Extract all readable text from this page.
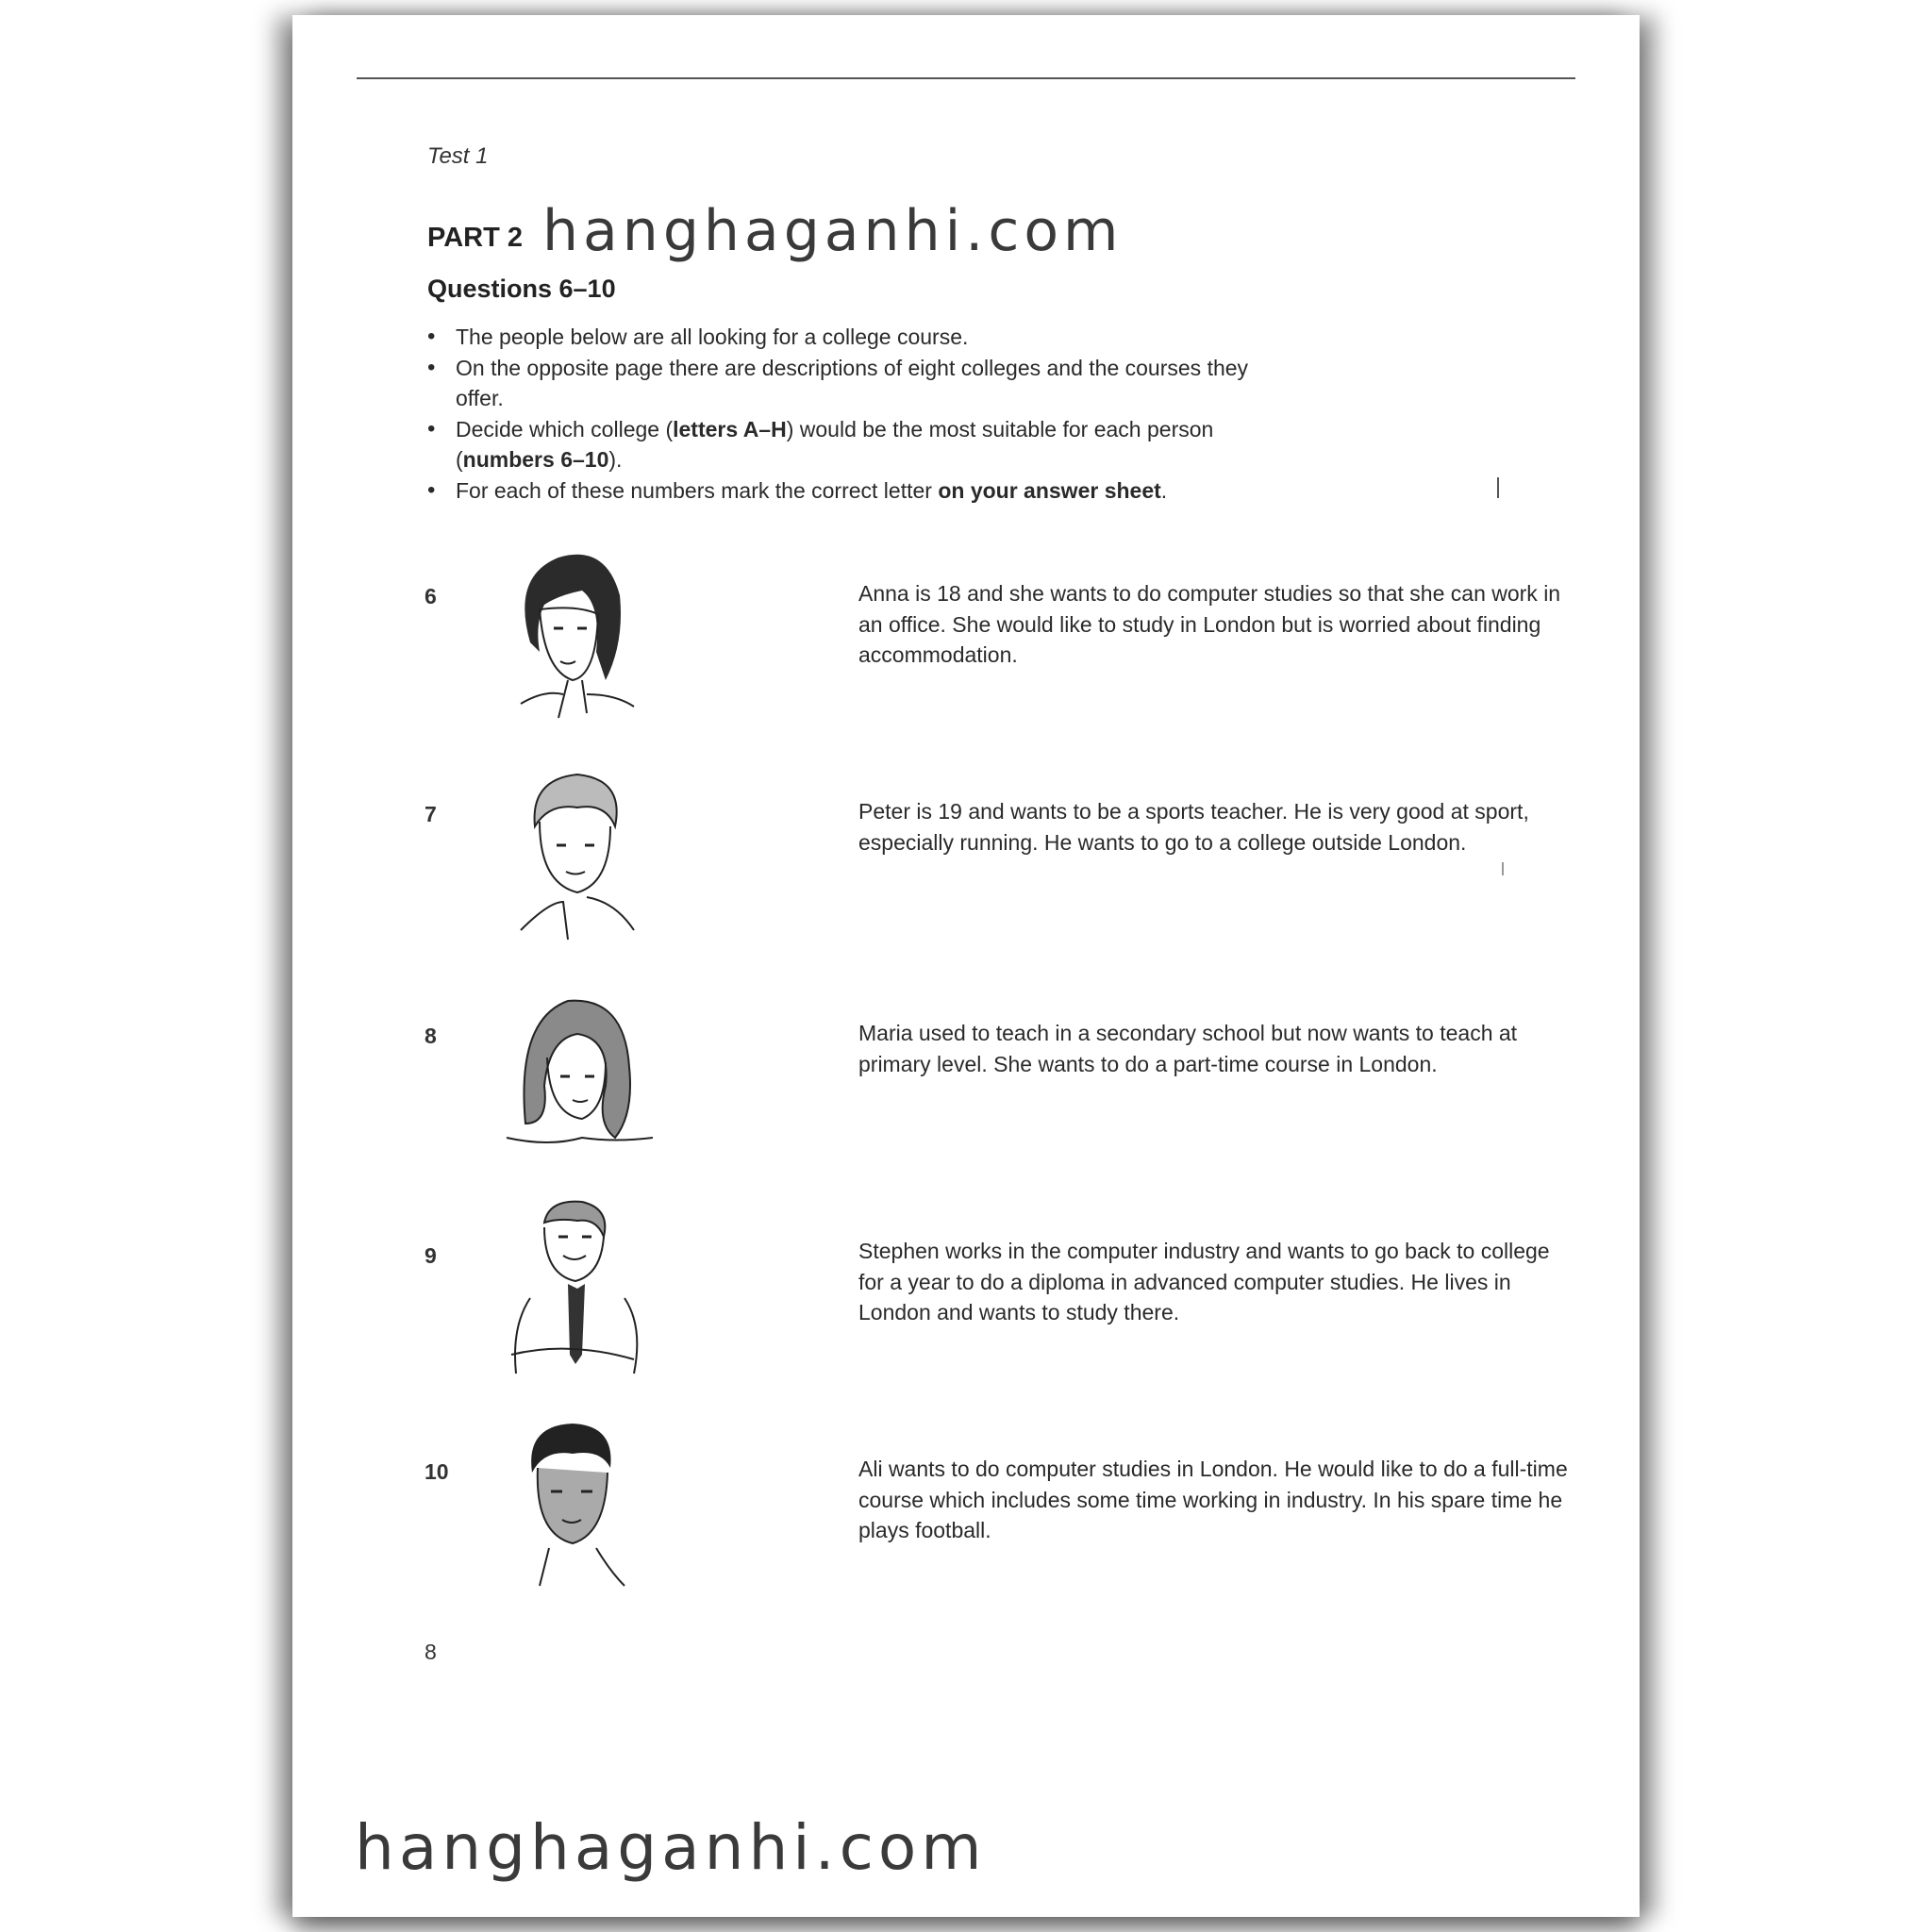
Test 1
PART 2
Questions 6–10
• The people below are all looking for a college course.
• On the opposite page there are descriptions of eight colleges and the courses they offer.
• Decide which college (letters A–H) would be the most suitable for each person (numbers 6–10).
• For each of these numbers mark the correct letter on your answer sheet.
6	Anna is 18 and she wants to do computer studies so that she can work in an office. She would like to study in London but is worried about finding accommodation.

7	Peter is 19 and wants to be a sports teacher. He is very good at sport, especially running. He wants to go to a college outside London.

8	Maria used to teach in a secondary school but now wants to teach at primary level. She wants to do a part-time course in London.

9	Stephen works in the computer industry and wants to go back to college for a year to do a diploma in advanced computer studies. He lives in London and wants to study there.

10	Ali wants to do computer studies in London. He would like to do a full-time course which includes some time working in industry. In his spare time he plays football.

8
hanghaganhi.com
hanghaganhi.com
